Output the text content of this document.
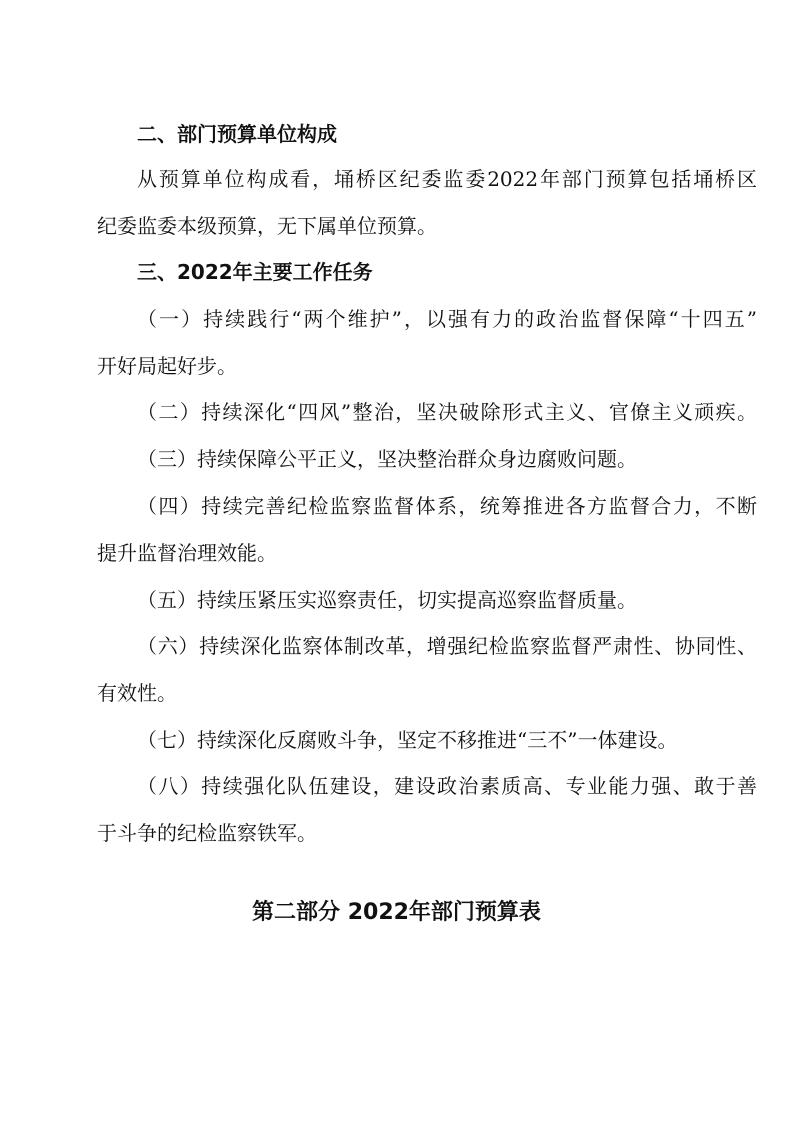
二、部门预算单位构成
从预算单位构成看，埇桥区纪委监委2022年部门预算包括埇桥区
纪委监委本级预算，无下属单位预算。
三、2022年主要工作任务
（一）持续践行“两个维护”，以强有力的政治监督保障“十四五”
开好局起好步。
（二）持续深化“四风”整治，坚决破除形式主义、官僚主义顽疾。
（三）持续保障公平正义，坚决整治群众身边腐败问题。
（四）持续完善纪检监察监督体系，统筹推进各方监督合力，不断
提升监督治理效能。
（五）持续压紧压实巡察责任，切实提高巡察监督质量。
（六）持续深化监察体制改革，增强纪检监察监督严肃性、协同性、
有效性。
（七）持续深化反腐败斗争，坚定不移推进“三不”一体建设。
（八）持续强化队伍建设，建设政治素质高、专业能力强、敢于善
于斗争的纪检监察铁军。
第二部分 2022年部门预算表
